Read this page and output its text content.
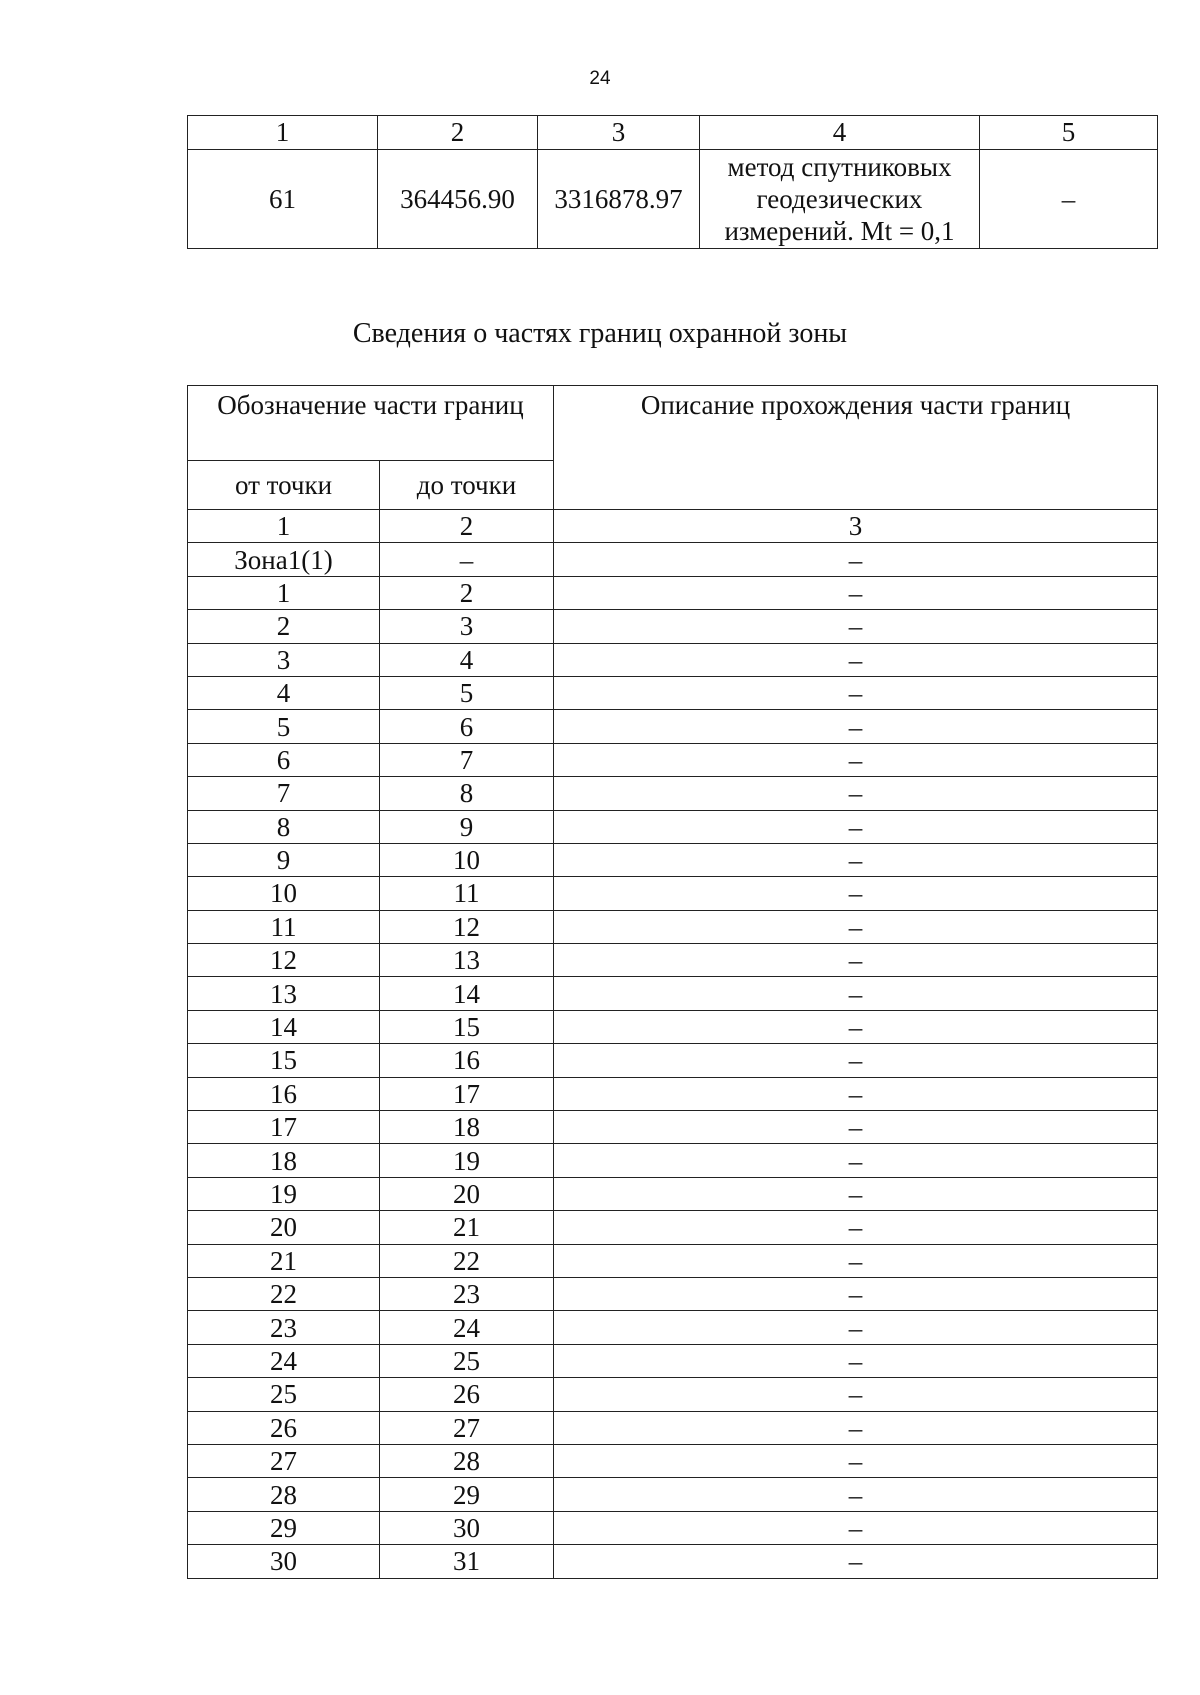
24
1	2	3	4	5
61	364456.90	3316878.97	метод спутниковых геодезических измерений. Mt = 0,1	–
Сведения о частях границ охранной зоны
Обозначение части границ		Описание прохождения части границ
от точки	до точки	
1	2	3
Зона1(1)	–	–
1	2	–
2	3	–
3	4	–
4	5	–
5	6	–
6	7	–
7	8	–
8	9	–
9	10	–
10	11	–
11	12	–
12	13	–
13	14	–
14	15	–
15	16	–
16	17	–
17	18	–
18	19	–
19	20	–
20	21	–
21	22	–
22	23	–
23	24	–
24	25	–
25	26	–
26	27	–
27	28	–
28	29	–
29	30	–
30	31	–
